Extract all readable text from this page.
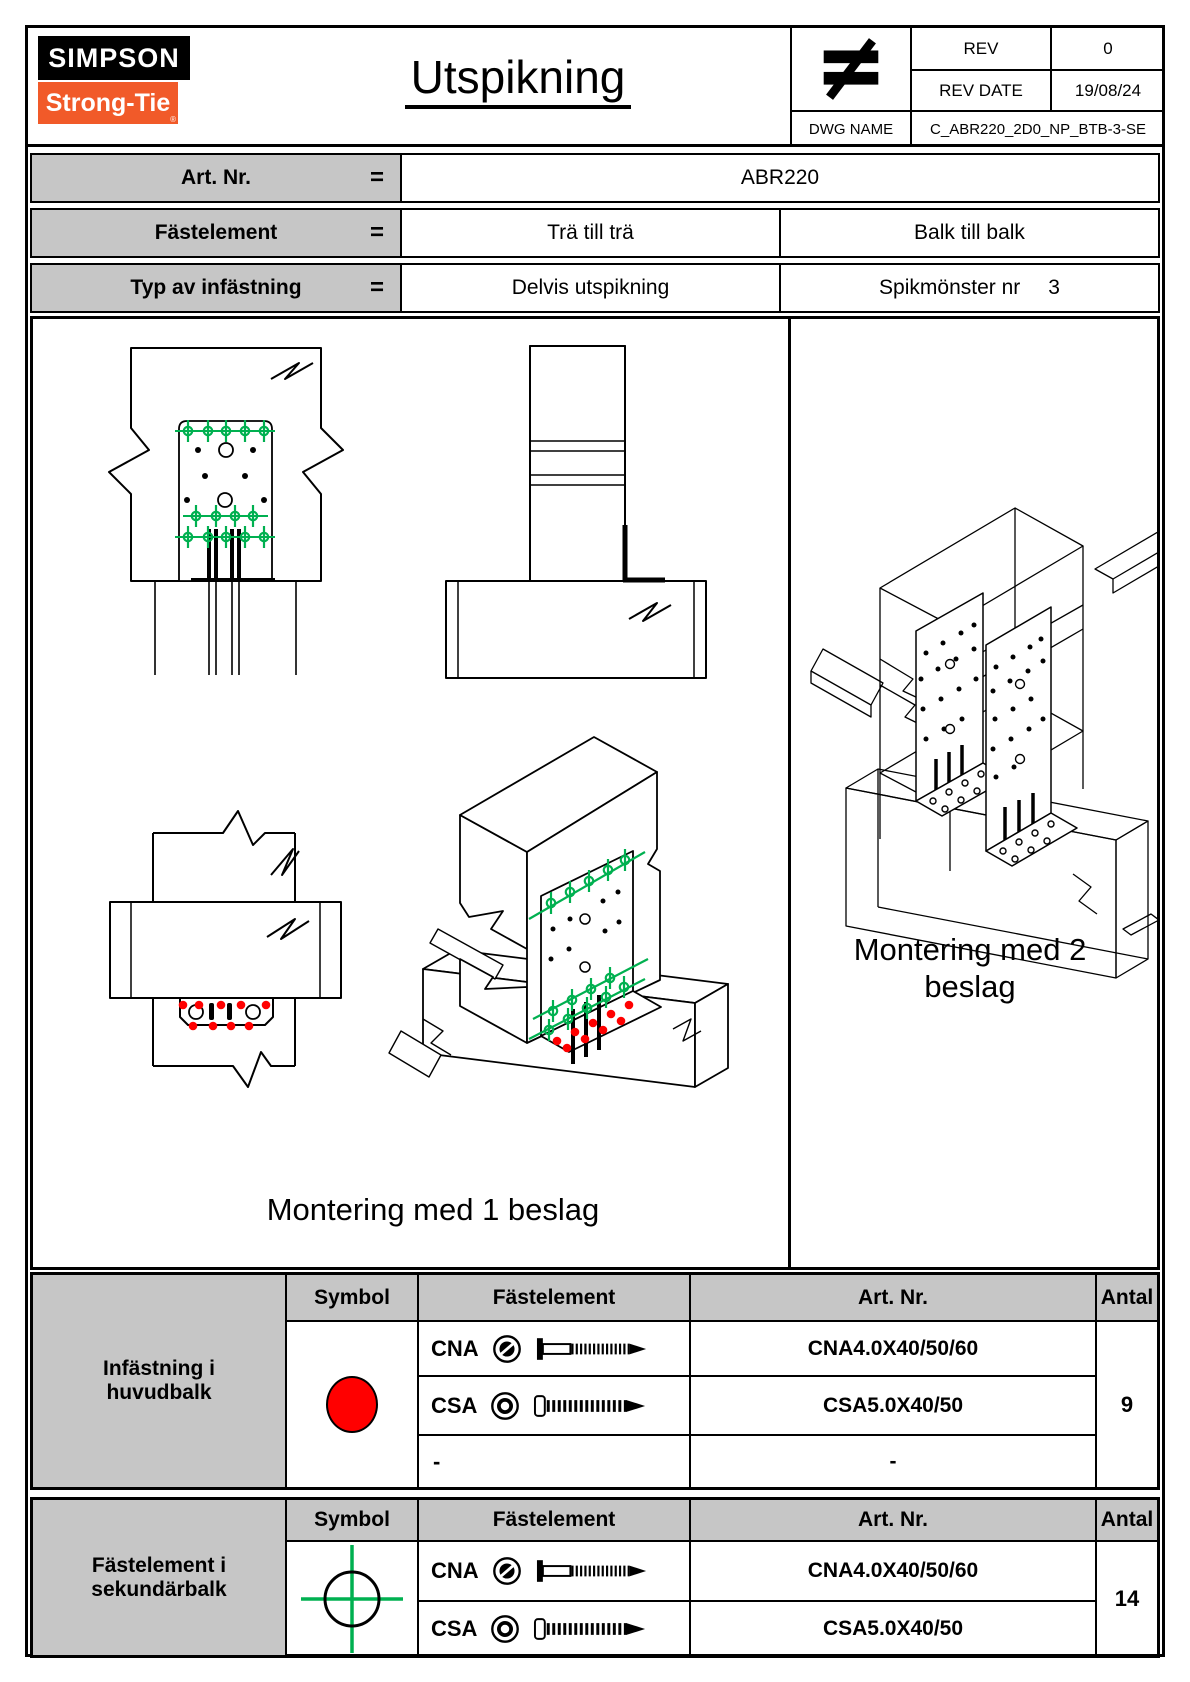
SIMPSON
Strong-Tie
®
Utspikning
REV	0
REV DATE	19/08/24
DWG NAME	C_ABR220_2D0_NP_BTB-3-SE
Art. Nr.	=	ABR220
Fästelement	=	Trä till trä	Balk till balk
Typ av infästning	=	Delvis utspikning	Spikmönster nr 3
Montering med 1 beslag
Montering med 2 beslag
Infästning i huvudbalk
Symbol	Fästelement	Art. Nr.	Antal
CNA	CNA4.0X40/50/60
CSA	CSA5.0X40/50
-	-
9
Fästelement i sekundärbalk
Symbol	Fästelement	Art. Nr.	Antal
CNA	CNA4.0X40/50/60
CSA	CSA5.0X40/50
14
